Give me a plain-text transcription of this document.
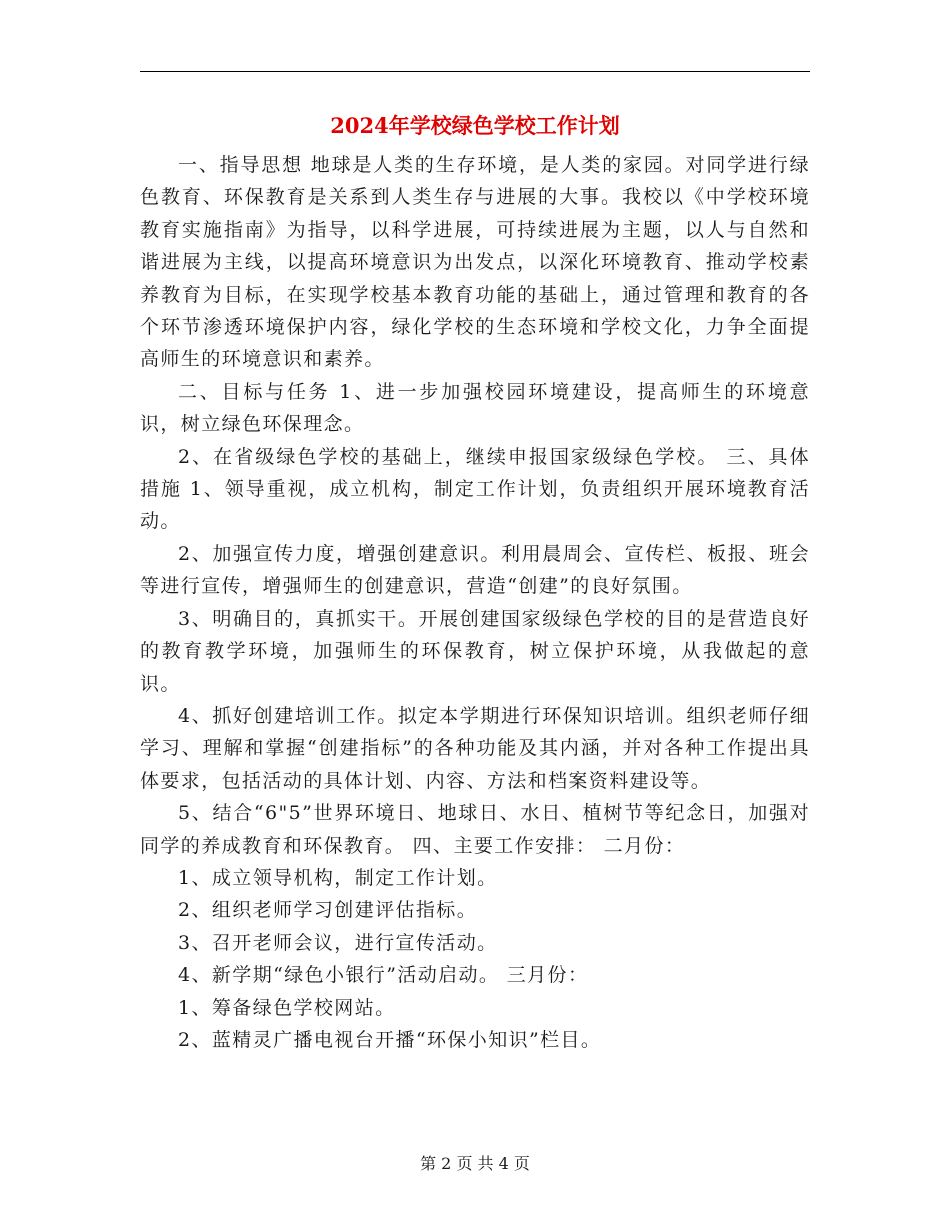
2024年学校绿色学校工作计划

一、指导思想 地球是人类的生存环境，是人类的家园。对同学进行绿色教育、环保教育是关系到人类生存与进展的大事。我校以《中学校环境教育实施指南》为指导，以科学进展，可持续进展为主题，以人与自然和谐进展为主线，以提高环境意识为出发点，以深化环境教育、推动学校素养教育为目标，在实现学校基本教育功能的基础上，通过管理和教育的各个环节渗透环境保护内容，绿化学校的生态环境和学校文化，力争全面提高师生的环境意识和素养。

二、目标与任务 1、进一步加强校园环境建设，提高师生的环境意识，树立绿色环保理念。

2、在省级绿色学校的基础上，继续申报国家级绿色学校。 三、具体措施 1、领导重视，成立机构，制定工作计划，负责组织开展环境教育活动。

2、加强宣传力度，增强创建意识。利用晨周会、宣传栏、板报、班会等进行宣传，增强师生的创建意识，营造“创建”的良好氛围。

3、明确目的，真抓实干。开展创建国家级绿色学校的目的是营造良好的教育教学环境，加强师生的环保教育，树立保护环境，从我做起的意识。

4、抓好创建培训工作。拟定本学期进行环保知识培训。组织老师仔细学习、理解和掌握“创建指标”的各种功能及其内涵，并对各种工作提出具体要求，包括活动的具体计划、内容、方法和档案资料建设等。

5、结合“6"5”世界环境日、地球日、水日、植树节等纪念日，加强对同学的养成教育和环保教育。 四、主要工作安排： 二月份：

1、成立领导机构，制定工作计划。

2、组织老师学习创建评估指标。

3、召开老师会议，进行宣传活动。

4、新学期“绿色小银行”活动启动。 三月份：

1、筹备绿色学校网站。

2、蓝精灵广播电视台开播“环保小知识”栏目。

第 2 页 共 4 页
